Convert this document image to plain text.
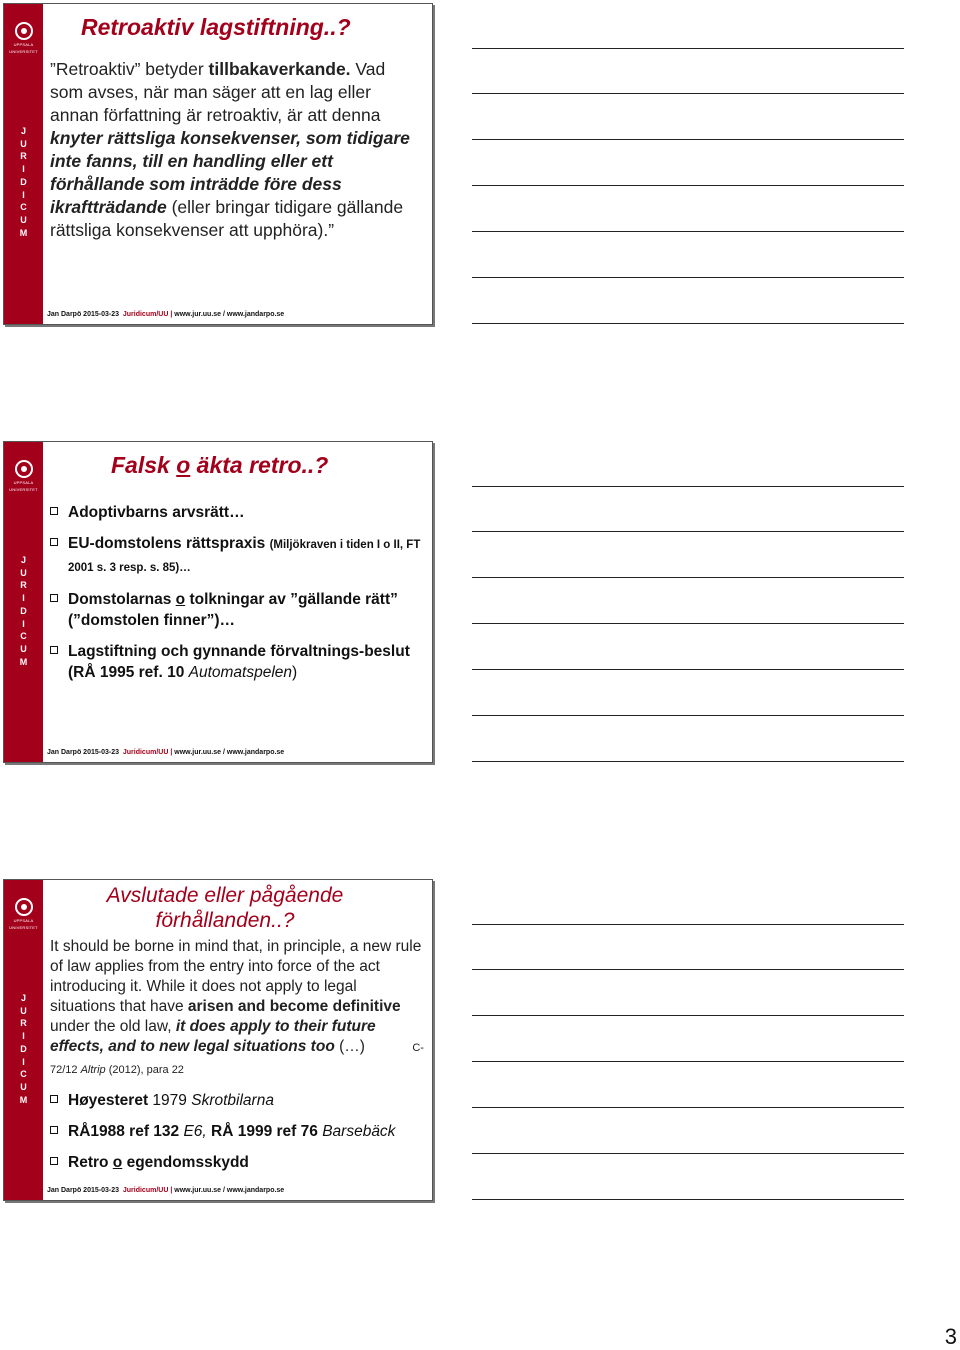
UPPSALA
UNIVERSITET
J
U
R
I
D
I
C
U
M
Retroaktiv lagstiftning..?
”Retroaktiv” betyder tillbakaverkande. Vad som avses, när man säger att en lag eller annan författning är retroaktiv, är att denna knyter rättsliga konsekvenser, som tidigare inte fanns, till en handling eller ett förhållande som inträdde före dess ikraftträdande (eller bringar tidigare gällande rättsliga konsekvenser att upphöra).”
Jan Darpö 2015-03-23 Juridicum/UU | www.jur.uu.se / www.jandarpo.se
UPPSALA
UNIVERSITET
J
U
R
I
D
I
C
U
M
Falsk o äkta retro..?
Adoptivbarns arvsrätt…
EU-domstolens rättspraxis (Miljökraven i tiden I o II, FT 2001 s. 3 resp. s. 85)…
Domstolarnas o tolkningar av ”gällande rätt” (”domstolen finner”)…
Lagstiftning och gynnande förvaltnings-beslut (RÅ 1995 ref. 10 Automatspelen)
Jan Darpö 2015-03-23 Juridicum/UU | www.jur.uu.se / www.jandarpo.se
UPPSALA
UNIVERSITET
J
U
R
I
D
I
C
U
M
Avslutade eller pågående förhållanden..?
It should be borne in mind that, in principle, a new rule of law applies from the entry into force of the act introducing it. While it does not apply to legal situations that have arisen and become definitive under the old law, it does apply to their future effects, and to new legal situations too (…)	C-72/12 Altrip (2012), para 22
Høyesteret 1979 Skrotbilarna
RÅ1988 ref 132 E6, RÅ 1999 ref 76 Barsebäck
Retro o egendomsskydd
Jan Darpö 2015-03-23 Juridicum/UU | www.jur.uu.se / www.jandarpo.se
3
